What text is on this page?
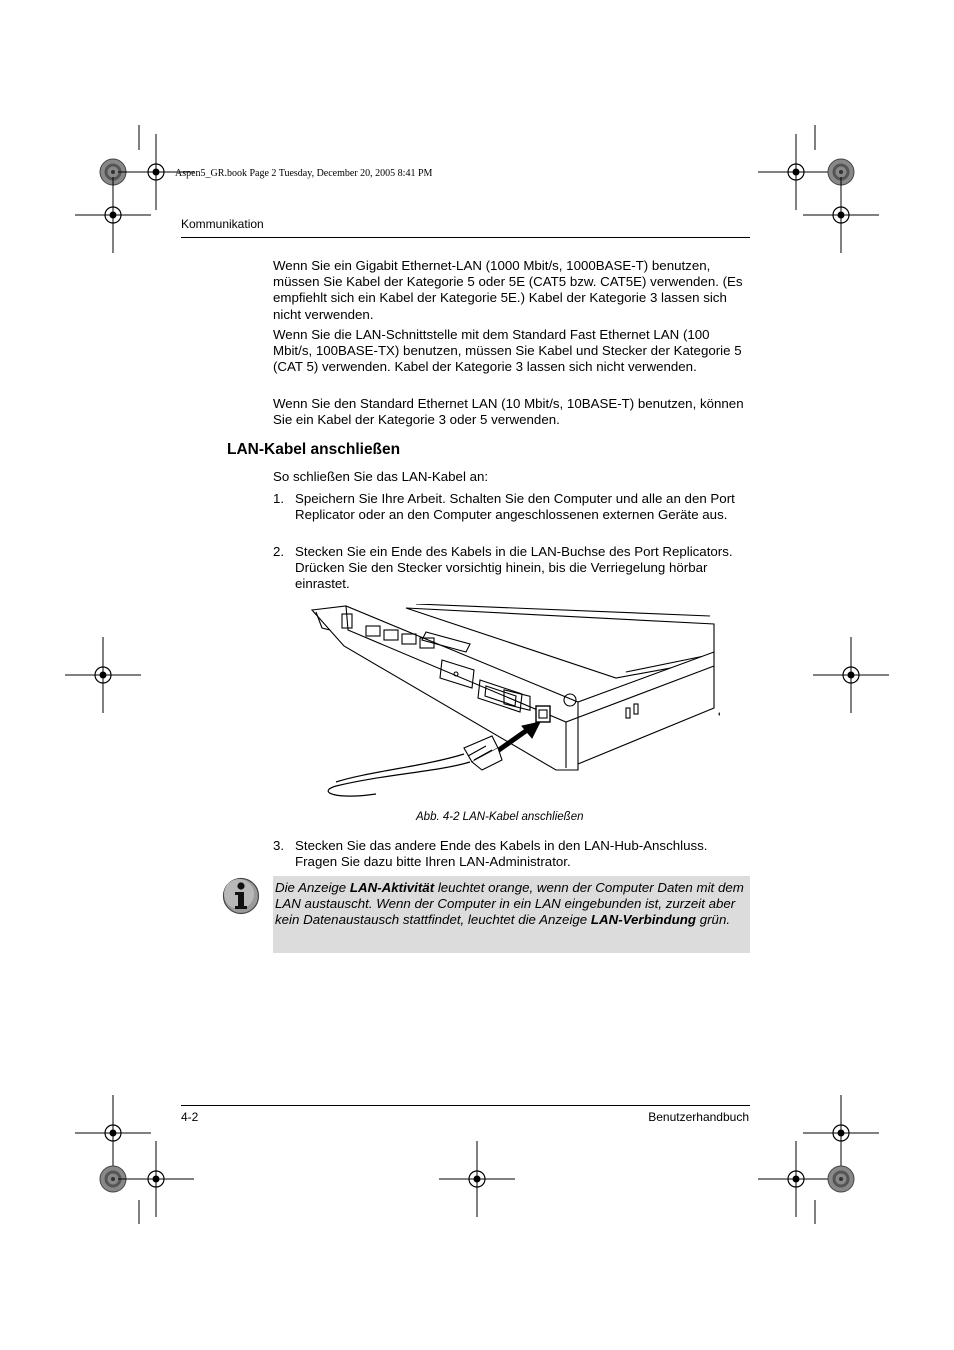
Aspen5_GR.book Page 2 Tuesday, December 20, 2005 8:41 PM
Kommunikation
Wenn Sie ein Gigabit Ethernet-LAN (1000 Mbit/s, 1000BASE-T) benutzen, müssen Sie Kabel der Kategorie 5 oder 5E (CAT5 bzw. CAT5E) verwenden. (Es empfiehlt sich ein Kabel der Kategorie 5E.) Kabel der Kategorie 3 lassen sich nicht verwenden.
Wenn Sie die LAN-Schnittstelle mit dem Standard Fast Ethernet LAN (100 Mbit/s, 100BASE-TX) benutzen, müssen Sie Kabel und Stecker der Kategorie 5 (CAT 5) verwenden. Kabel der Kategorie 3 lassen sich nicht verwenden.
Wenn Sie den Standard Ethernet LAN (10 Mbit/s, 10BASE-T) benutzen, können Sie ein Kabel der Kategorie 3 oder 5 verwenden.
LAN-Kabel anschließen
So schließen Sie das LAN-Kabel an:
1. Speichern Sie Ihre Arbeit. Schalten Sie den Computer und alle an den Port Replicator oder an den Computer angeschlossenen externen Geräte aus.
2. Stecken Sie ein Ende des Kabels in die LAN-Buchse des Port Replicators. Drücken Sie den Stecker vorsichtig hinein, bis die Verriegelung hörbar einrastet.
Abb. 4-2 LAN-Kabel anschließen
3. Stecken Sie das andere Ende des Kabels in den LAN-Hub-Anschluss. Fragen Sie dazu bitte Ihren LAN-Administrator.
Die Anzeige LAN-Aktivität leuchtet orange, wenn der Computer Daten mit dem LAN austauscht. Wenn der Computer in ein LAN eingebunden ist, zurzeit aber kein Datenaustausch stattfindet, leuchtet die Anzeige LAN-Verbindung grün.
4-2	Benutzerhandbuch
